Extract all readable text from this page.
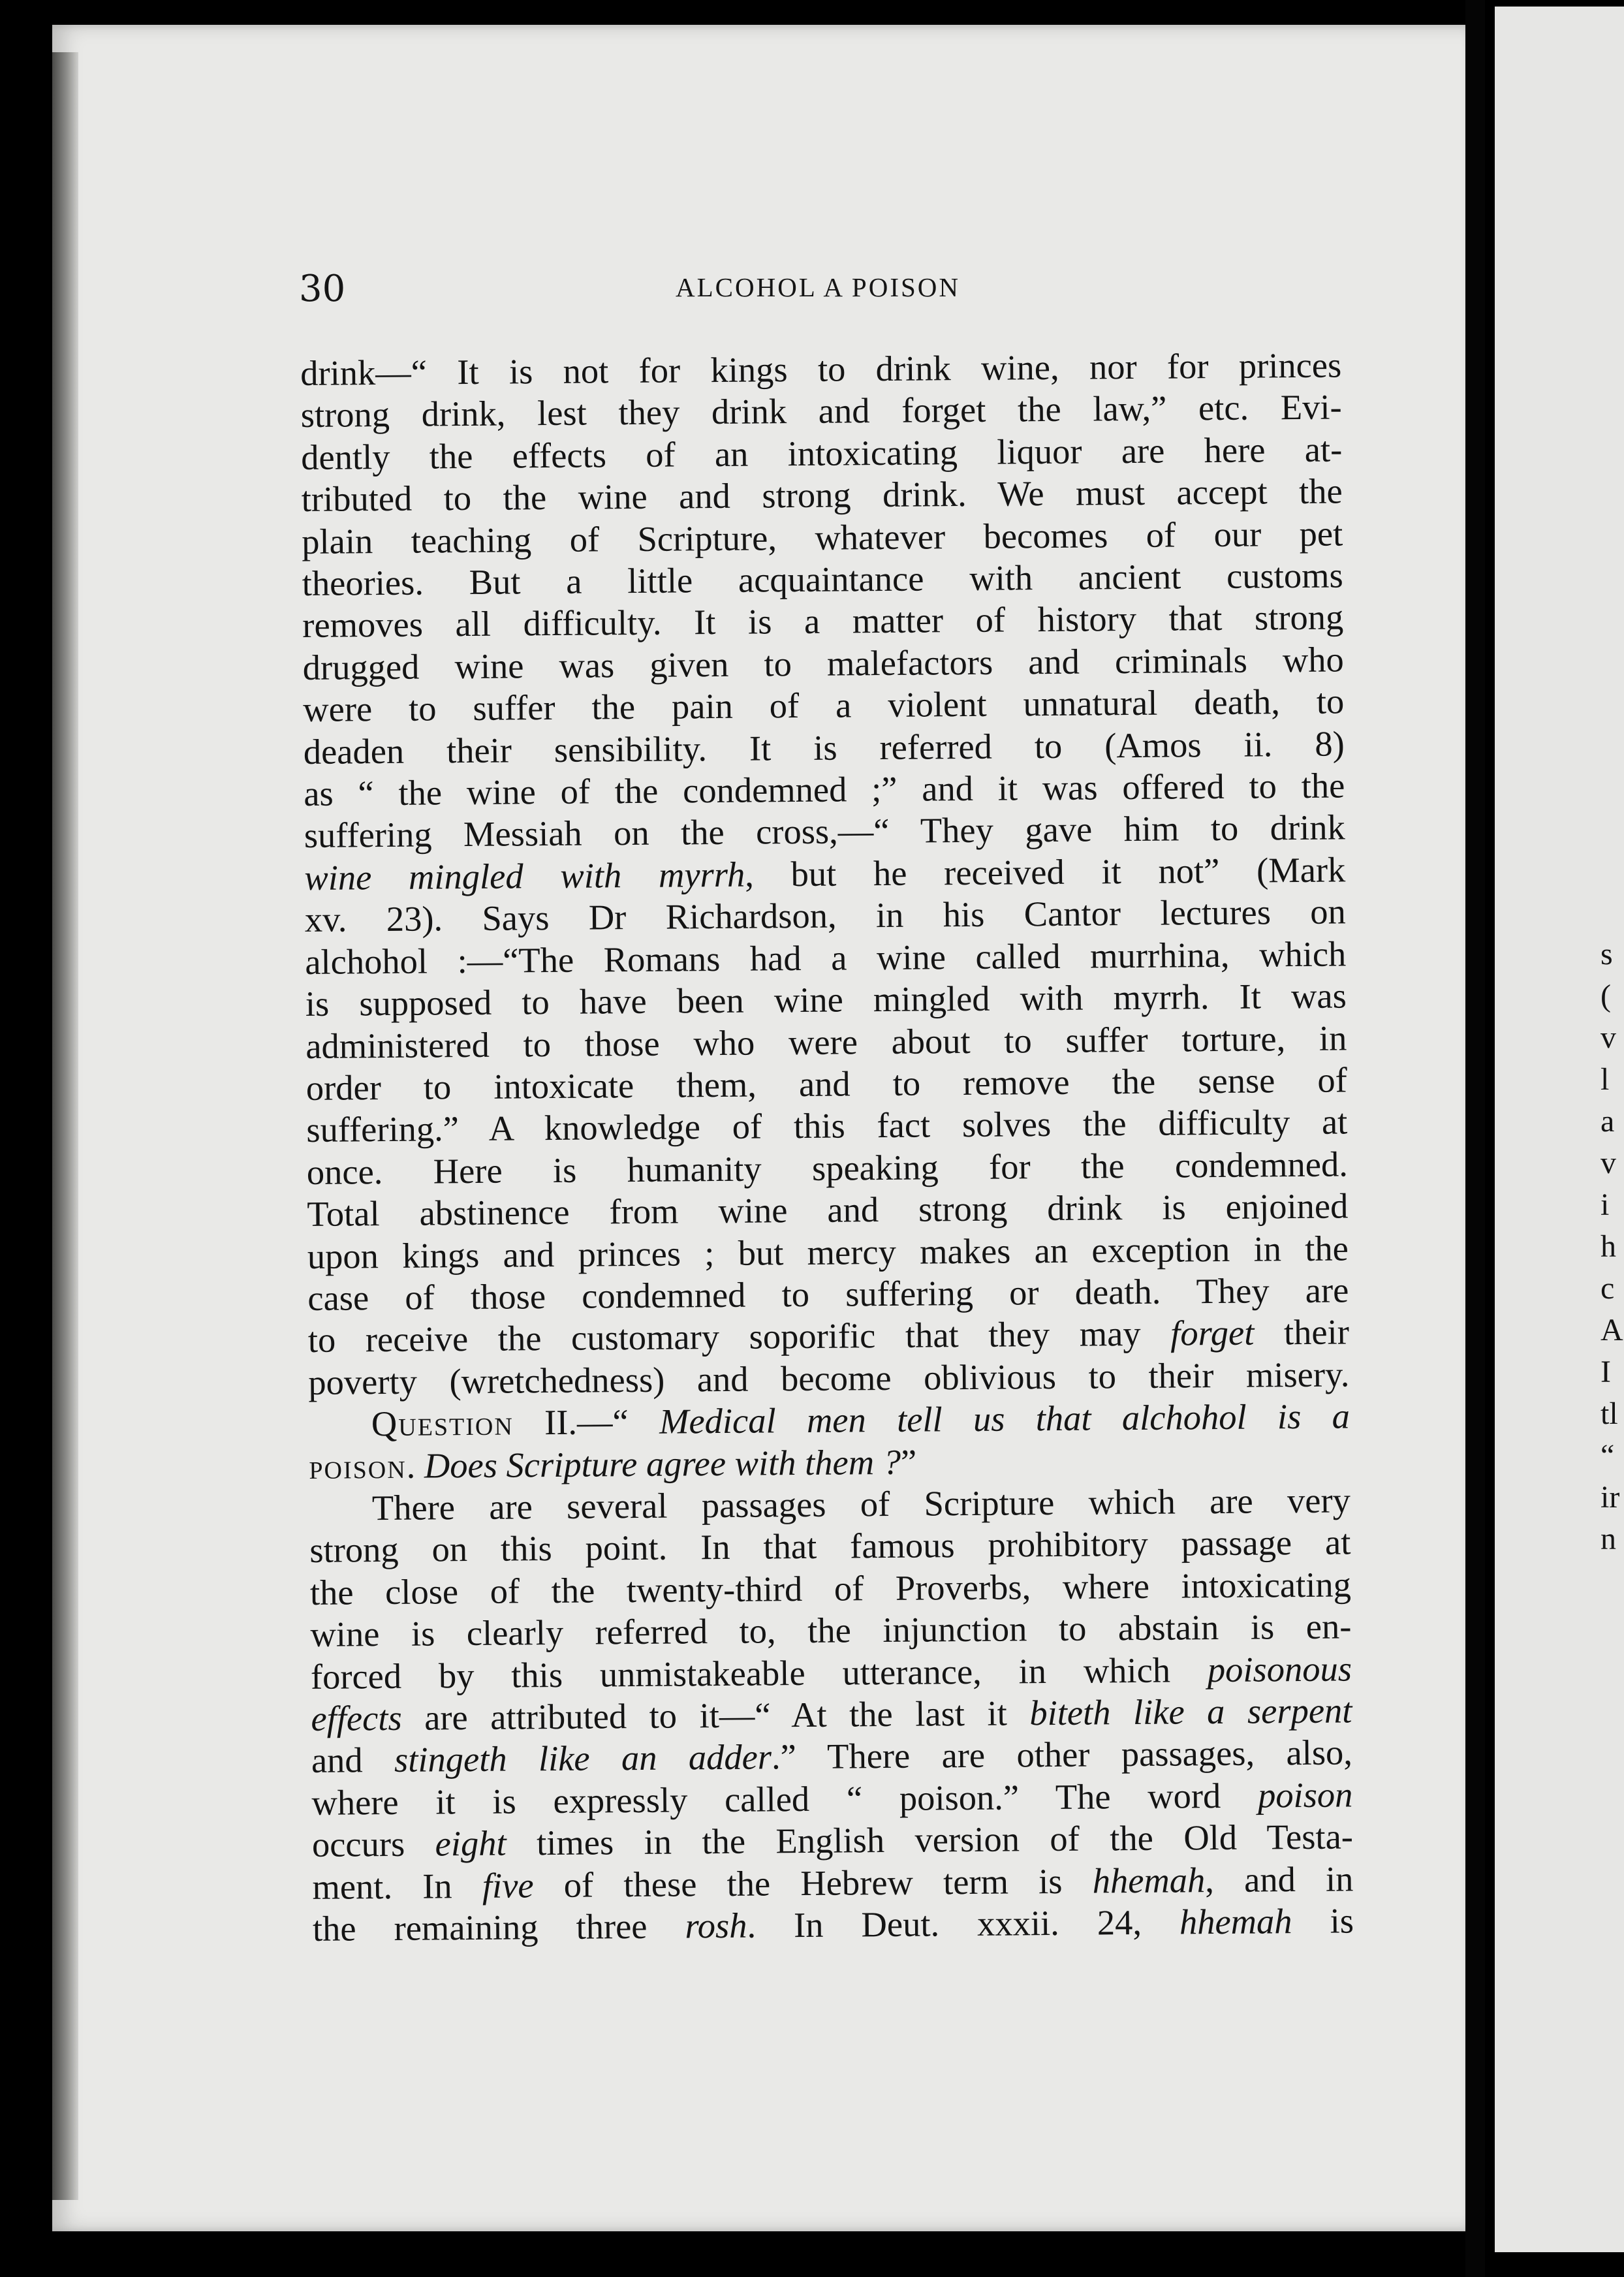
30	ALCOHOL A POISON

drink—“ It is not for kings to drink wine, nor for princes

strong drink, lest they drink and forget the law,” etc. Evi-

dently the effects of an intoxicating liquor are here at-

tributed to the wine and strong drink. We must accept the

plain teaching of Scripture, whatever becomes of our pet

theories. But a little acquaintance with ancient customs

removes all difficulty. It is a matter of history that strong

drugged wine was given to malefactors and criminals who

were to suffer the pain of a violent unnatural death, to

deaden their sensibility. It is referred to (Amos ii. 8)

as “ the wine of the condemned ;” and it was offered to the

suffering Messiah on the cross,—“ They gave him to drink

wine mingled with myrrh, but he received it not” (Mark

xv. 23). Says Dr Richardson, in his Cantor lectures on

alchohol :—“The Romans had a wine called murrhina, which

is supposed to have been wine mingled with myrrh. It was

administered to those who were about to suffer torture, in

order to intoxicate them, and to remove the sense of

suffering.” A knowledge of this fact solves the difficulty at

once. Here is humanity speaking for the condemned.

Total abstinence from wine and strong drink is enjoined

upon kings and princes ; but mercy makes an exception in the

case of those condemned to suffering or death. They are

to receive the customary soporific that they may forget their

poverty (wretchedness) and become oblivious to their misery.

Question II.—“ Medical men tell us that alchohol is a

poison. Does Scripture agree with them ?”

There are several passages of Scripture which are very

strong on this point. In that famous prohibitory passage at

the close of the twenty-third of Proverbs, where intoxicating

wine is clearly referred to, the injunction to abstain is en-

forced by this unmistakeable utterance, in which poisonous

effects are attributed to it—“ At the last it biteth like a serpent

and stingeth like an adder.” There are other passages, also,

where it is expressly called “ poison.” The word poison

occurs eight times in the English version of the Old Testa-

ment. In five of these the Hebrew term is hhemah, and in

the remaining three rosh. In Deut. xxxii. 24, hhemah is

s
(
v
l
a
v
i
h
c
A
I
tl
“
ir
n
